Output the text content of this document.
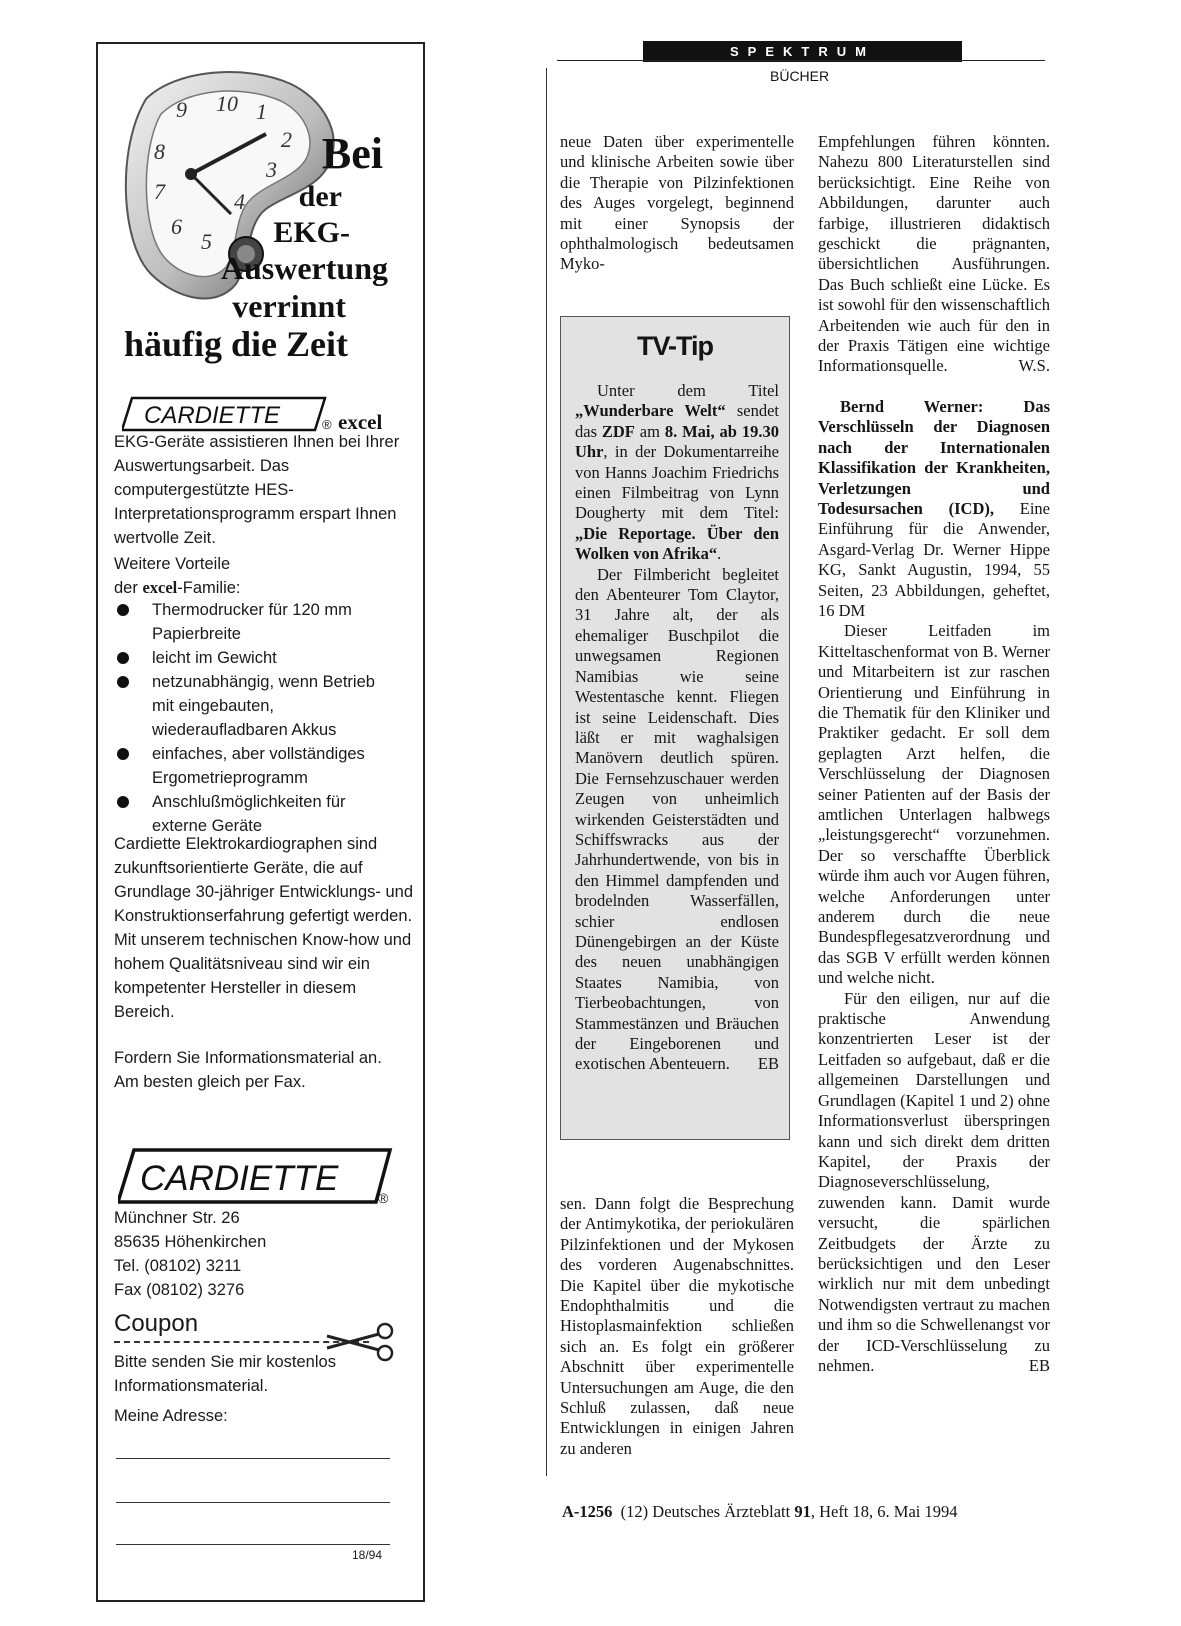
9 10 1
2
3
4
5
6
7
8	Bei
der
EKG-
Auswertung
verrinnt
häufig die Zeit
CARDIETTE	® excel
EKG-Geräte assistieren Ihnen bei Ihrer Auswertungsarbeit. Das computergestützte HES-Interpretationsprogramm erspart Ihnen wertvolle Zeit.
Weitere Vorteile
der excel-Familie:
Thermodrucker für 120 mm Papierbreite
leicht im Gewicht
netzunabhängig, wenn Betrieb mit eingebauten, wiederaufladbaren Akkus
einfaches, aber vollständiges Ergometrieprogramm
Anschlußmöglichkeiten für externe Geräte
Cardiette Elektrokardiographen sind zukunftsorientierte Geräte, die auf Grundlage 30-jähriger Entwicklungs- und Konstruktionserfahrung gefertigt werden. Mit unserem technischen Know-how und hohem Qualitätsniveau sind wir ein kompetenter Hersteller in diesem Bereich.
Fordern Sie Informationsmaterial an. Am besten gleich per Fax.
CARDIETTE	®
Münchner Str. 26
85635 Höhenkirchen
Tel. (08102) 3211
Fax (08102) 3276
Coupon
Bitte senden Sie mir kostenlos Informationsmaterial.
Meine Adresse:
18/94
SPEKTRUM
BÜCHER
neue Daten über experimentelle und klinische Arbeiten sowie über die Therapie von Pilzinfektionen des Auges vorgelegt, beginnend mit einer Synopsis der ophthalmologisch bedeutsamen Myko-
TV-Tip

Unter dem Titel „Wunderbare Welt“ sendet das ZDF am 8. Mai, ab 19.30 Uhr, in der Dokumentarreihe von Hanns Joachim Friedrichs einen Filmbeitrag von Lynn Dougherty mit dem Titel: „Die Reportage. Über den Wolken von Afrika“.

Der Filmbericht begleitet den Abenteurer Tom Claytor, 31 Jahre alt, der als ehemaliger Buschpilot die unwegsamen Regionen Namibias wie seine Westentasche kennt. Fliegen ist seine Leidenschaft. Dies läßt er mit waghalsigen Manövern deutlich spüren. Die Fernsehzuschauer werden Zeugen von unheimlich wirkenden Geisterstädten und Schiffswracks aus der Jahrhundertwende, von bis in den Himmel dampfenden und brodelnden Wasserfällen, schier endlosen Dünengebirgen an der Küste des neuen unabhängigen Staates Namibia, von Tierbeobachtungen, von Stammestänzen und Bräuchen der Eingeborenen und exotischen Abenteuern.	EB

sen. Dann folgt die Besprechung der Antimykotika, der periokulären Pilzinfektionen und der Mykosen des vorderen Augenabschnittes. Die Kapitel über die mykotische Endophthalmitis und die Histoplasmainfektion schließen sich an. Es folgt ein größerer Abschnitt über experimentelle Untersuchungen am Auge, die den Schluß zulassen, daß neue Entwicklungen in einigen Jahren zu anderen

Empfehlungen führen könnten. Nahezu 800 Literaturstellen sind berücksichtigt. Eine Reihe von Abbildungen, darunter auch farbige, illustrieren didaktisch geschickt die prägnanten, übersichtlichen Ausführungen. Das Buch schließt eine Lücke. Es ist sowohl für den wissenschaftlich Arbeitenden wie auch für den in der Praxis Tätigen eine wichtige Informationsquelle.	W.S.

Bernd Werner: Das Verschlüsseln der Diagnosen nach der Internationalen Klassifikation der Krankheiten, Verletzungen und Todesursachen (ICD), Eine Einführung für die Anwender, Asgard-Verlag Dr. Werner Hippe KG, Sankt Augustin, 1994, 55 Seiten, 23 Abbildungen, geheftet, 16 DM

Dieser Leitfaden im Kitteltaschenformat von B. Werner und Mitarbeitern ist zur raschen Orientierung und Einführung in die Thematik für den Kliniker und Praktiker gedacht. Er soll dem geplagten Arzt helfen, die Verschlüsselung der Diagnosen seiner Patienten auf der Basis der amtlichen Unterlagen halbwegs „leistungsgerecht“ vorzunehmen. Der so verschaffte Überblick würde ihm auch vor Augen führen, welche Anforderungen unter anderem durch die neue Bundespflegesatzverordnung und das SGB V erfüllt werden können und welche nicht.

Für den eiligen, nur auf die praktische Anwendung konzentrierten Leser ist der Leitfaden so aufgebaut, daß er die allgemeinen Darstellungen und Grundlagen (Kapitel 1 und 2) ohne Informationsverlust überspringen kann und sich direkt dem dritten Kapitel, der Praxis der Diagnoseverschlüsselung, zuwenden kann. Damit wurde versucht, die spärlichen Zeitbudgets der Ärzte zu berücksichtigen und den Leser wirklich nur mit dem unbedingt Notwendigsten vertraut zu machen und ihm so die Schwellenangst vor der ICD-Verschlüsselung zu nehmen.	EB

A-1256 (12) Deutsches Ärzteblatt 91, Heft 18, 6. Mai 1994
